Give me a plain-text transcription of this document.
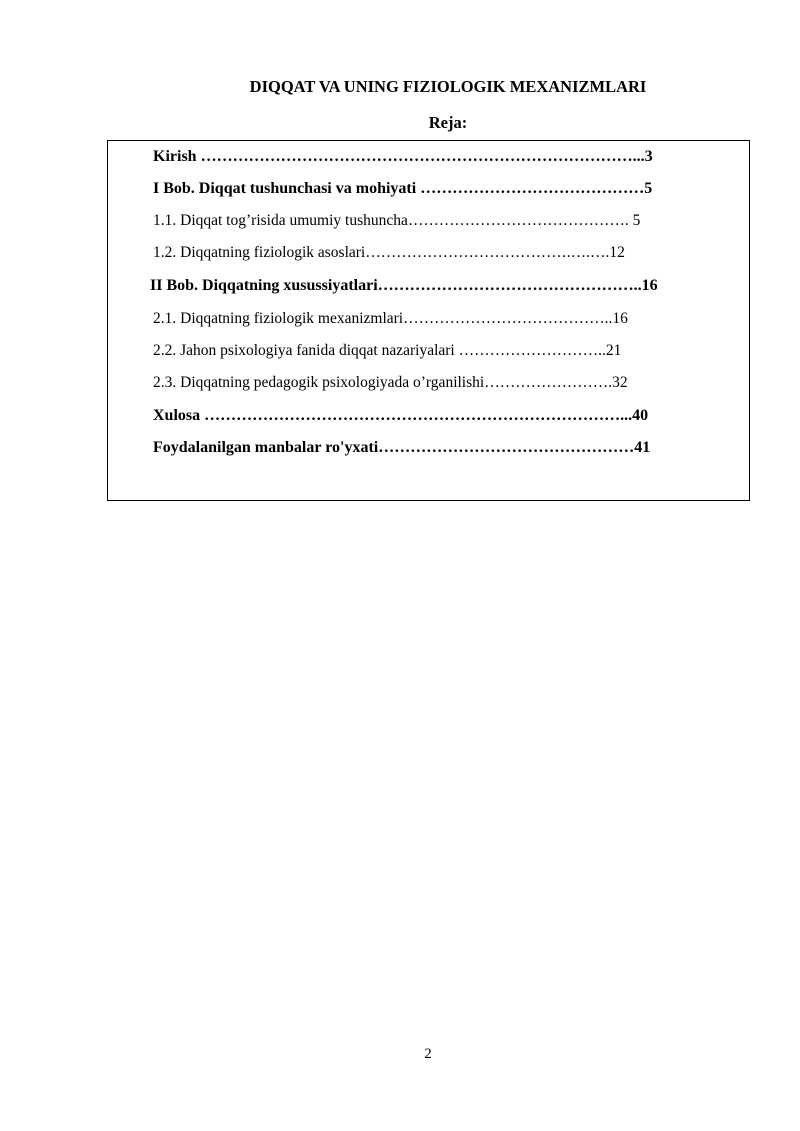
DIQQAT VA UNING FIZIOLOGIK MEXANIZMLARI
Reja:
Kirish ………………………………………………………………………...3
I Bob. Diqqat tushunchasi va mohiyati ……………………………………5
1.1. Diqqat tog’risida umumiy tushuncha……………………………………. 5
1.2. Diqqatning fiziologik asoslari………………………………….….….12
II Bob. Diqqatning xusussiyatlari…………………………………………..16
2.1. Diqqatning fiziologik mexanizmlari…………………………………..16
2.2. Jahon psixologiya fanida diqqat nazariyalari ………………………..21
2.3. Diqqatning pedagogik psixologiyada o’rganilishi…………………….32
Xulosa ……………………………………………………………………...40
Foydalanilgan manbalar ro'yxati…………………………………………41
2
